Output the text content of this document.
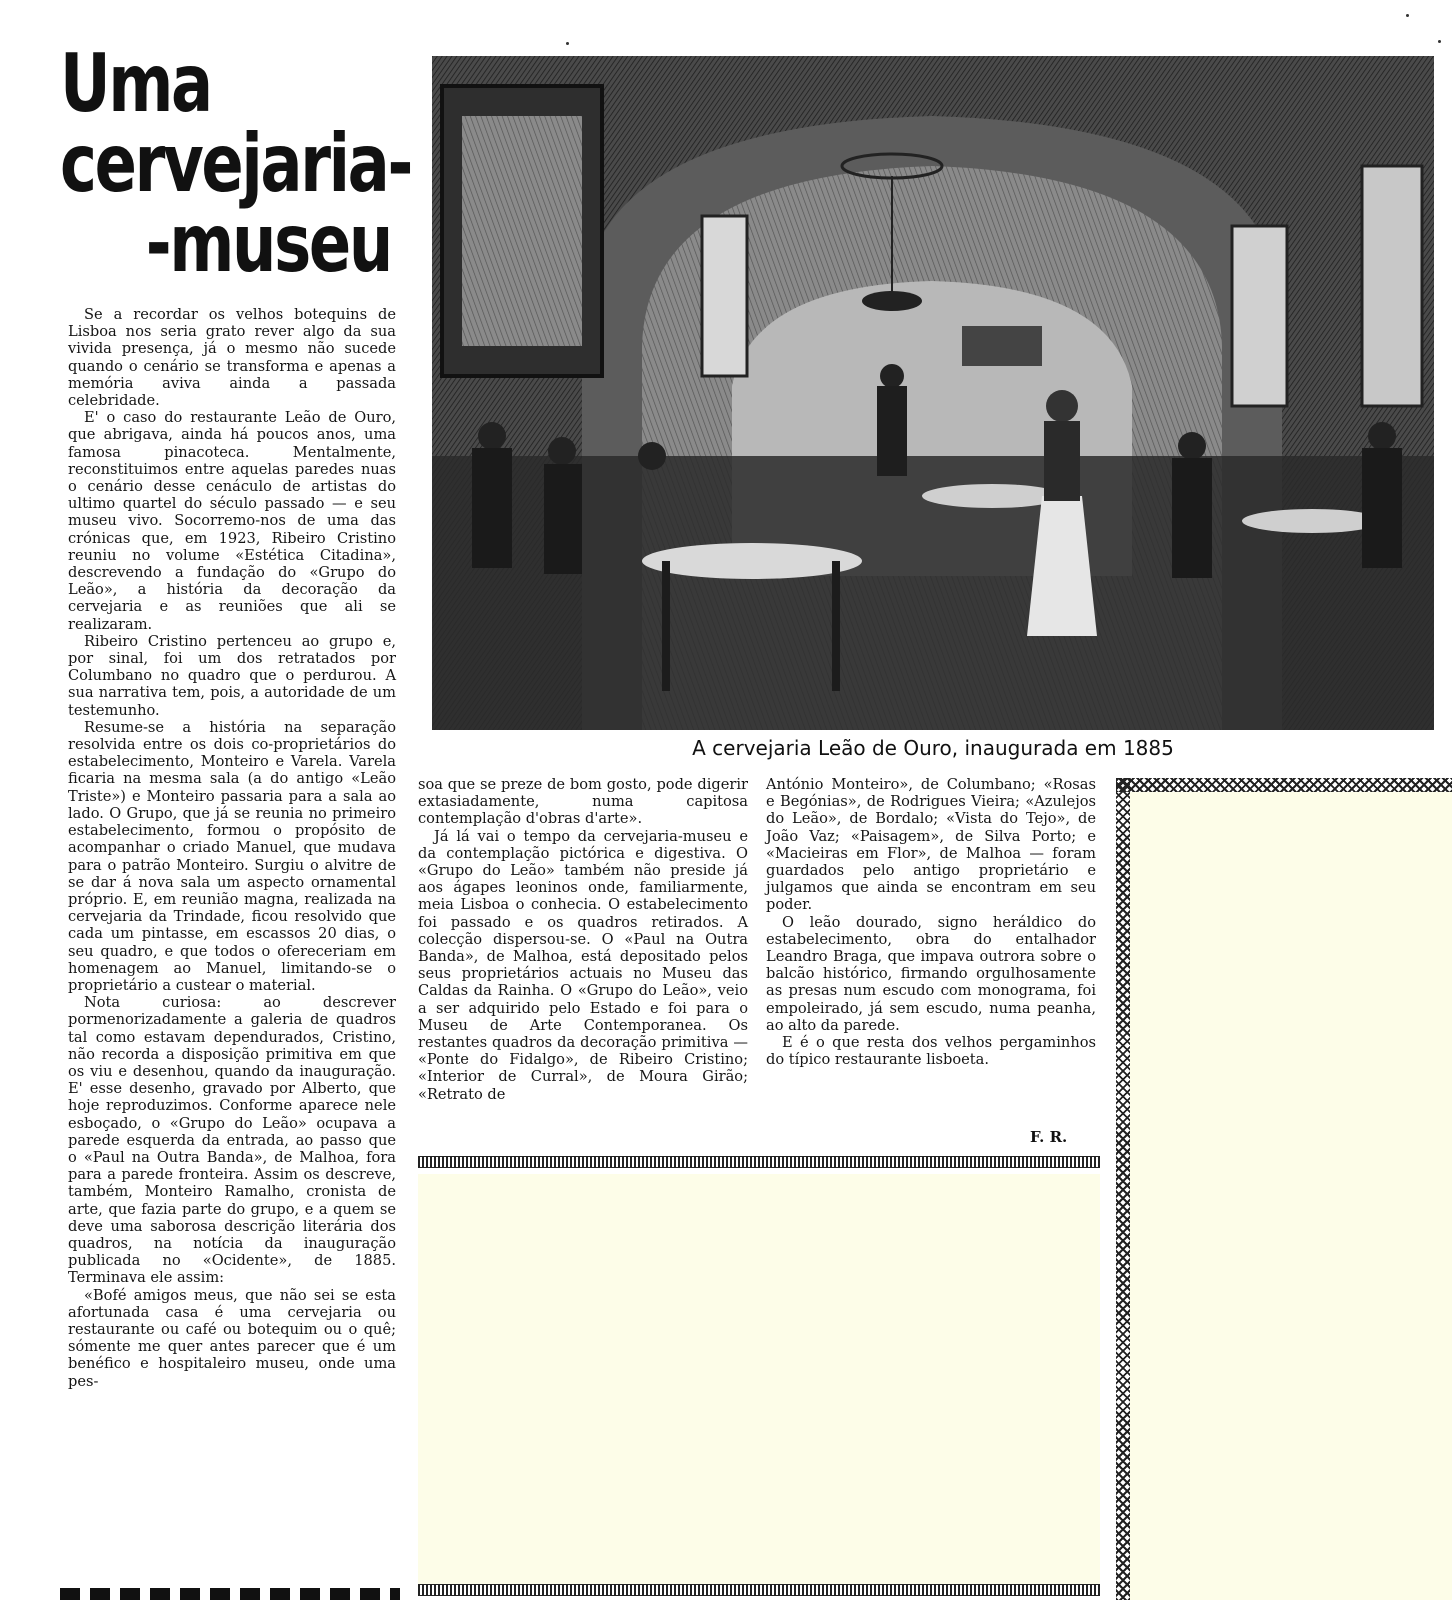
Uma
cervejaria-
-museu

Se a recordar os velhos botequins de Lisboa nos seria grato rever algo da sua vivida presença, já o mesmo não sucede quando o cenário se transforma e apenas a memória aviva ainda a passada celebridade.

E' o caso do restaurante Leão de Ouro, que abrigava, ainda há poucos anos, uma famosa pinacoteca. Mentalmente, reconstituimos entre aquelas paredes nuas o cenário desse cenáculo de artistas do ultimo quartel do século passado — e seu museu vivo. Socorremo-nos de uma das crónicas que, em 1923, Ribeiro Cristino reuniu no volume «Estética Citadina», descrevendo a fundação do «Grupo do Leão», a história da decoração da cervejaria e as reuniões que ali se realizaram.

Ribeiro Cristino pertenceu ao grupo e, por sinal, foi um dos retratados por Columbano no quadro que o perdurou. A sua narrativa tem, pois, a autoridade de um testemunho.

Resume-se a história na separação resolvida entre os dois co-proprietários do estabelecimento, Monteiro e Varela. Varela ficaria na mesma sala (a do antigo «Leão Triste») e Monteiro passaria para a sala ao lado. O Grupo, que já se reunia no primeiro estabelecimento, formou o propósito de acompanhar o criado Manuel, que mudava para o patrão Monteiro. Surgiu o alvitre de se dar á nova sala um aspecto ornamental próprio. E, em reunião magna, realizada na cervejaria da Trindade, ficou resolvido que cada um pintasse, em escassos 20 dias, o seu quadro, e que todos o ofereceriam em homenagem ao Manuel, limitando-se o proprietário a custear o material.

Nota curiosa: ao descrever pormenorizadamente a galeria de quadros tal como estavam dependurados, Cristino, não recorda a disposição primitiva em que os viu e desenhou, quando da inauguração. E' esse desenho, gravado por Alberto, que hoje reproduzimos. Conforme aparece nele esboçado, o «Grupo do Leão» ocupava a parede esquerda da entrada, ao passo que o «Paul na Outra Banda», de Malhoa, fora para a parede fronteira. Assim os descreve, também, Monteiro Ramalho, cronista de arte, que fazia parte do grupo, e a quem se deve uma saborosa descrição literária dos quadros, na notícia da inauguração publicada no «Ocidente», de 1885. Terminava ele assim:

«Bofé amigos meus, que não sei se esta afortunada casa é uma cervejaria ou restaurante ou café ou botequim ou o quê; sómente me quer antes parecer que é um benéfico e hospitaleiro museu, onde uma pes-

A cervejaria Leão de Ouro, inaugurada em 1885

soa que se preze de bom gosto, pode digerir extasiadamente, numa capitosa contemplação d'obras d'arte».

Já lá vai o tempo da cervejaria-museu e da contemplação pictórica e digestiva. O «Grupo do Leão» também não preside já aos ágapes leoninos onde, familiarmente, meia Lisboa o conhecia. O estabelecimento foi passado e os quadros retirados. A colecção dispersou-se. O «Paul na Outra Banda», de Malhoa, está depositado pelos seus proprietários actuais no Museu das Caldas da Rainha. O «Grupo do Leão», veio a ser adquirido pelo Estado e foi para o Museu de Arte Contemporanea. Os restantes quadros da decoração primitiva — «Ponte do Fidalgo», de Ribeiro Cristino; «Interior de Curral», de Moura Girão; «Retrato de

António Monteiro», de Columbano; «Rosas e Begónias», de Rodrigues Vieira; «Azulejos do Leão», de Bordalo; «Vista do Tejo», de João Vaz; «Paisagem», de Silva Porto; e «Macieiras em Flor», de Malhoa — foram guardados pelo antigo proprietário e julgamos que ainda se encontram em seu poder.

O leão dourado, signo heráldico do estabelecimento, obra do entalhador Leandro Braga, que impava outrora sobre o balcão histórico, firmando orgulhosamente as presas num escudo com monograma, foi empoleirado, já sem escudo, numa peanha, ao alto da parede.

E é o que resta dos velhos pergaminhos do típico restaurante lisboeta.

F. R.
